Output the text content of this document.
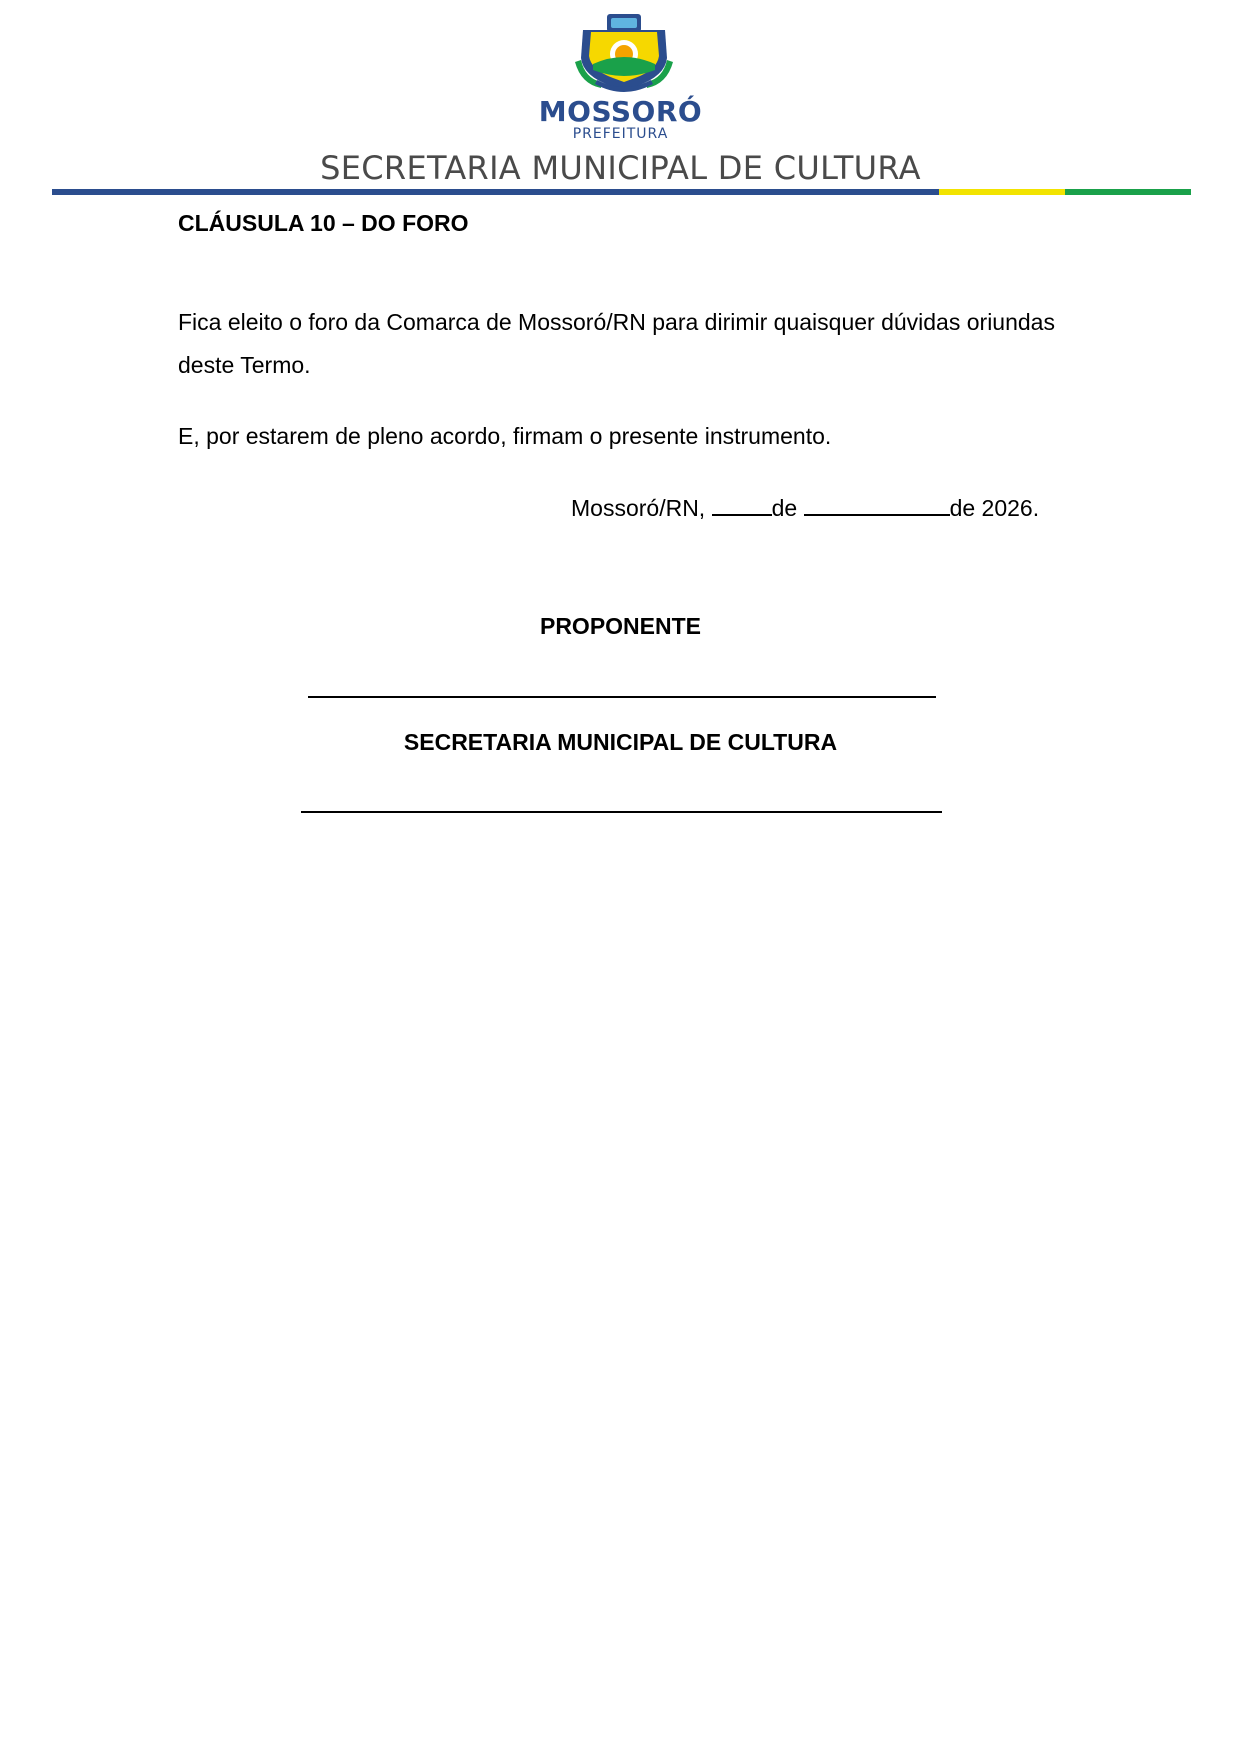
MOSSORÓ
PREFEITURA
SECRETARIA MUNICIPAL DE CULTURA
CLÁUSULA 10 – DO FORO
Fica eleito o foro da Comarca de Mossoró/RN para dirimir quaisquer dúvidas oriundas deste Termo.
E, por estarem de pleno acordo, firmam o presente instrumento.
Mossoró/RN,	de	de 2026.
PROPONENTE
SECRETARIA MUNICIPAL DE CULTURA
